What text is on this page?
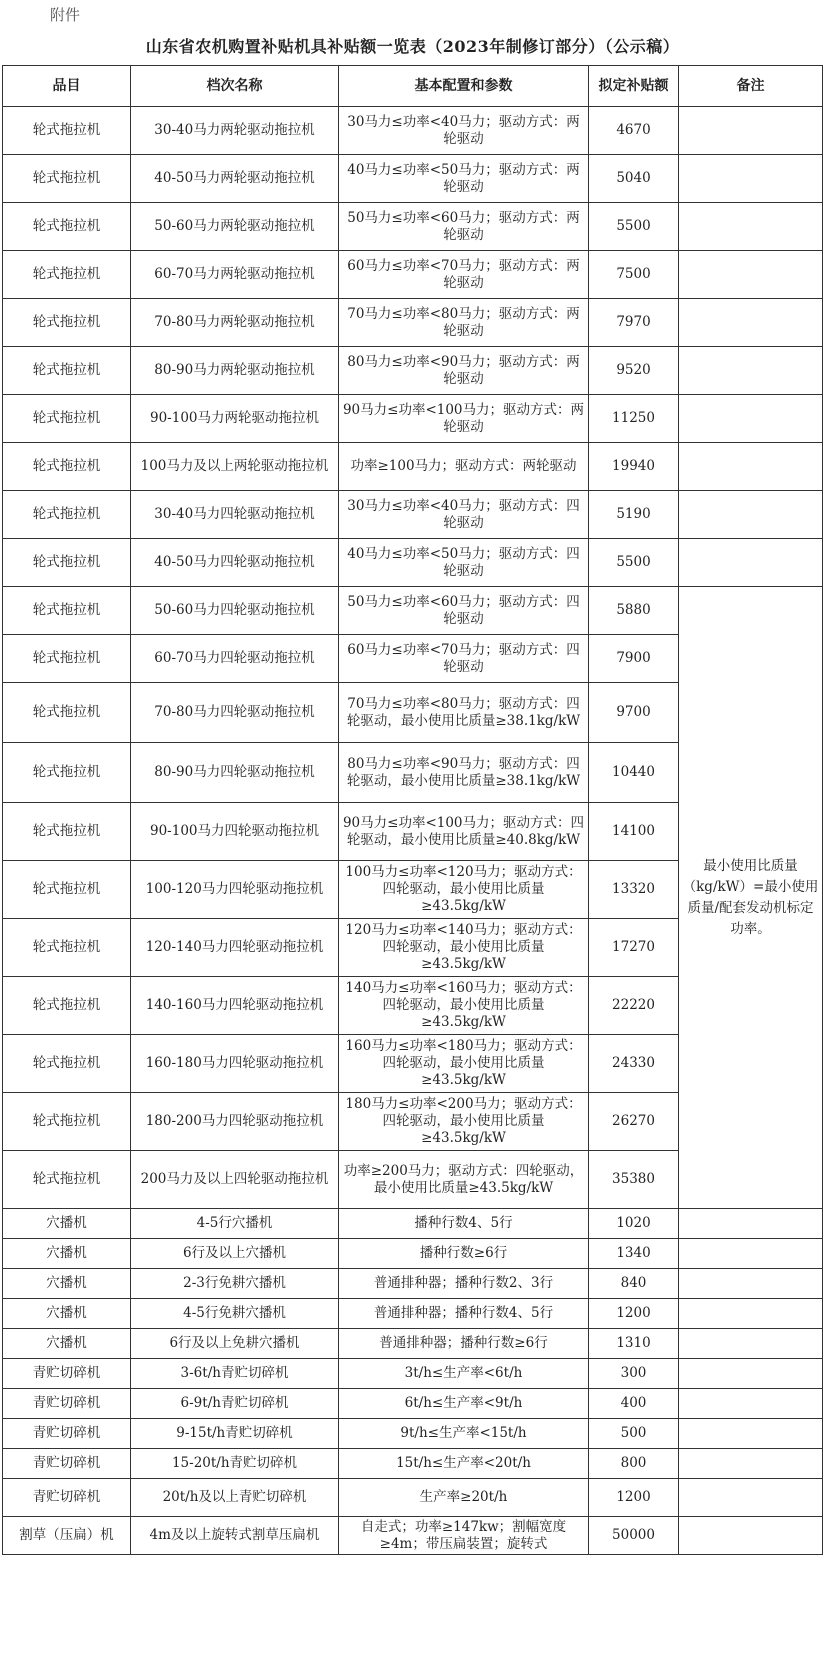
附件
山东省农机购置补贴机具补贴额一览表（2023年制修订部分）（公示稿）
品目	档次名称	基本配置和参数	拟定补贴额	备注
轮式拖拉机	30-40马力两轮驱动拖拉机	30马力≤功率<40马力；驱动方式：两轮驱动	4670	
轮式拖拉机	40-50马力两轮驱动拖拉机	40马力≤功率<50马力；驱动方式：两轮驱动	5040	
轮式拖拉机	50-60马力两轮驱动拖拉机	50马力≤功率<60马力；驱动方式：两轮驱动	5500	
轮式拖拉机	60-70马力两轮驱动拖拉机	60马力≤功率<70马力；驱动方式：两轮驱动	7500	
轮式拖拉机	70-80马力两轮驱动拖拉机	70马力≤功率<80马力；驱动方式：两轮驱动	7970	
轮式拖拉机	80-90马力两轮驱动拖拉机	80马力≤功率<90马力；驱动方式：两轮驱动	9520	
轮式拖拉机	90-100马力两轮驱动拖拉机	90马力≤功率<100马力；驱动方式：两轮驱动	11250	
轮式拖拉机	100马力及以上两轮驱动拖拉机	功率≥100马力；驱动方式：两轮驱动	19940	
轮式拖拉机	30-40马力四轮驱动拖拉机	30马力≤功率<40马力；驱动方式：四轮驱动	5190	
轮式拖拉机	40-50马力四轮驱动拖拉机	40马力≤功率<50马力；驱动方式：四轮驱动	5500	
轮式拖拉机	50-60马力四轮驱动拖拉机	50马力≤功率<60马力；驱动方式：四轮驱动	5880	最小使用比质量（kg/kW）=最小使用质量/配套发动机标定功率。
轮式拖拉机	60-70马力四轮驱动拖拉机	60马力≤功率<70马力；驱动方式：四轮驱动	7900	
轮式拖拉机	70-80马力四轮驱动拖拉机	70马力≤功率<80马力；驱动方式：四轮驱动，最小使用比质量≥38.1kg/kW	9700	
轮式拖拉机	80-90马力四轮驱动拖拉机	80马力≤功率<90马力；驱动方式：四轮驱动，最小使用比质量≥38.1kg/kW	10440	
轮式拖拉机	90-100马力四轮驱动拖拉机	90马力≤功率<100马力；驱动方式：四轮驱动，最小使用比质量≥40.8kg/kW	14100	
轮式拖拉机	100-120马力四轮驱动拖拉机	100马力≤功率<120马力；驱动方式：四轮驱动，最小使用比质量≥43.5kg/kW	13320	
轮式拖拉机	120-140马力四轮驱动拖拉机	120马力≤功率<140马力；驱动方式：四轮驱动，最小使用比质量≥43.5kg/kW	17270	
轮式拖拉机	140-160马力四轮驱动拖拉机	140马力≤功率<160马力；驱动方式：四轮驱动，最小使用比质量≥43.5kg/kW	22220	
轮式拖拉机	160-180马力四轮驱动拖拉机	160马力≤功率<180马力；驱动方式：四轮驱动，最小使用比质量≥43.5kg/kW	24330	
轮式拖拉机	180-200马力四轮驱动拖拉机	180马力≤功率<200马力；驱动方式：四轮驱动，最小使用比质量≥43.5kg/kW	26270	
轮式拖拉机	200马力及以上四轮驱动拖拉机	功率≥200马力；驱动方式：四轮驱动，最小使用比质量≥43.5kg/kW	35380	
穴播机	4-5行穴播机	播种行数4、5行	1020	
穴播机	6行及以上穴播机	播种行数≥6行	1340	
穴播机	2-3行免耕穴播机	普通排种器；播种行数2、3行	840	
穴播机	4-5行免耕穴播机	普通排种器；播种行数4、5行	1200	
穴播机	6行及以上免耕穴播机	普通排种器；播种行数≥6行	1310	
青贮切碎机	3-6t/h青贮切碎机	3t/h≤生产率<6t/h	300	
青贮切碎机	6-9t/h青贮切碎机	6t/h≤生产率<9t/h	400	
青贮切碎机	9-15t/h青贮切碎机	9t/h≤生产率<15t/h	500	
青贮切碎机	15-20t/h青贮切碎机	15t/h≤生产率<20t/h	800	
青贮切碎机	20t/h及以上青贮切碎机	生产率≥20t/h	1200	
割草（压扁）机	4m及以上旋转式割草压扁机	自走式；功率≥147kw；割幅宽度≥4m；带压扁装置；旋转式	50000	
